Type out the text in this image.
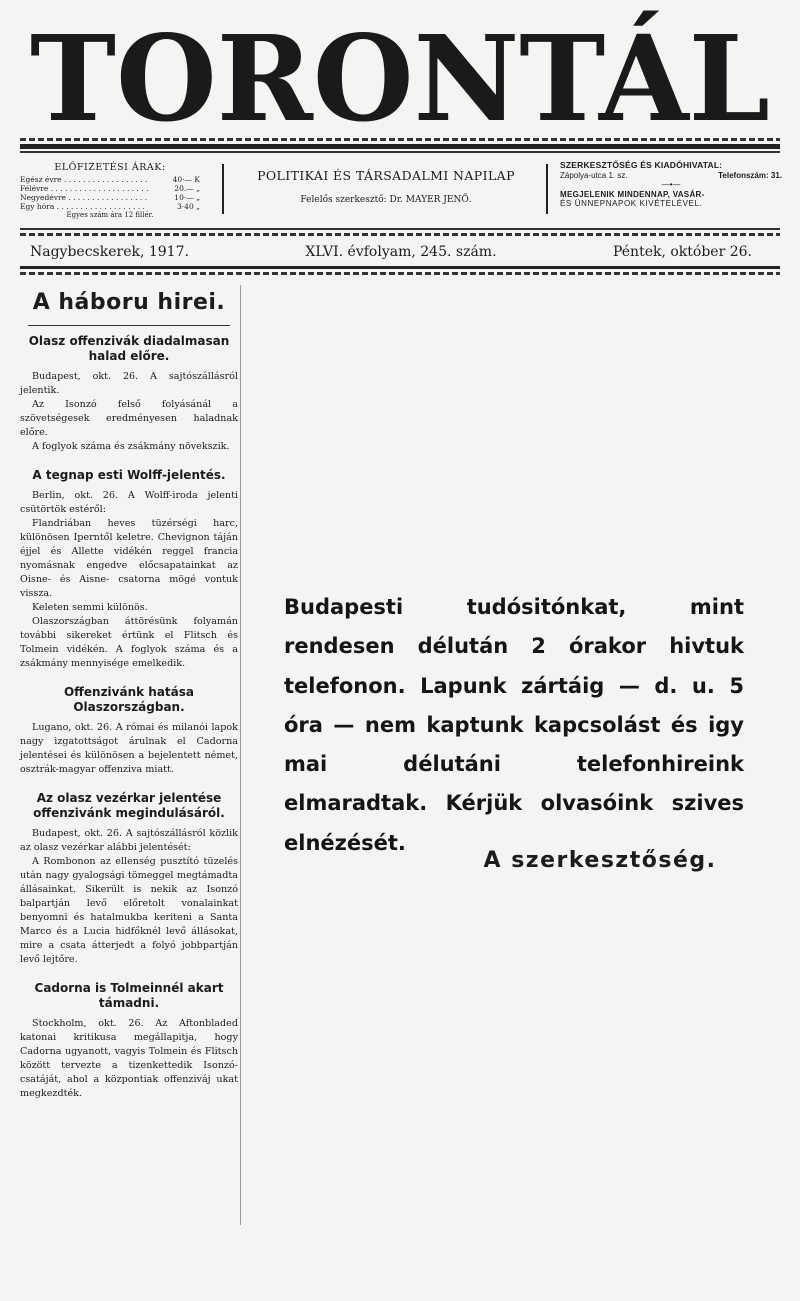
TORONTÁL
ELŐFIZETÉSI ÁRAK:
Egész évre . . .	40·— K
Félévre . . .	20.— „
Negyedévre . . .	10·— „
Egy hóra . . .	3·40 „
Egyes szám ára 12 fillér.
POLITIKAI ÉS TÁRSADALMI NAPILAP
Felelős szerkesztő: Dr. MAYER JENŐ.
SZERKESZTŐSÉG ÉS KIADÓHIVATAL:
Zápolya-utca 1. sz.	Telefonszám: 31.
—•—
MEGJELENIK MINDENNAP, VASÁR-
ÉS ÜNNEPNAPOK KIVÉTELÉVEL.
Nagybecskerek, 1917.	XLVI. évfolyam, 245. szám.	Péntek, október 26.
A háboru hirei.
Olasz offenzivák diadalmasan halad előre.

Budapest, okt. 26. A sajtószállásról jelentik.

Az Isonzó felső folyásánál a szövetségesek eredményesen haladnak előre.

A foglyok száma és zsákmány növekszik.

A tegnap esti Wolff-jelentés.

Berlin, okt. 26. A Wolff-iroda jelenti csütörtök estéről:

Flandriában heves tüzérségi harc, különösen Iperntől keletre. Chevignon táján éjjel és Allette vidékén reggel francia nyomásnak engedve előcsapatainkat az Oisne- és Aisne- csatorna mögé vontuk vissza.

Keleten semmi különös.

Olaszországban áttörésünk folyamán további sikereket értünk el Flitsch és Tolmein vidékén. A foglyok száma és a zsákmány mennyisége emelkedik.

Offenzivánk hatása Olaszországban.

Lugano, okt. 26. A római és milanói lapok nagy izgatottságot árulnak el Cadorna jelentései és különösen a bejelentett német, osztrák-magyar offenziva miatt.

Az olasz vezérkar jelentése offenzivánk megindulásáról.

Budapest, okt. 26. A sajtószállásról közlik az olasz vezérkar alábbi jelentését:

A Rombonon az ellenség pusztító tüzelés után nagy gyalogsági tömeggel megtámadta állásainkat. Sikerült is nekik az Isonzó balpartján levő előretolt vonalainkat benyomni és hatalmukba keriteni a Santa Marco és a Lucia hidfőknél levő állásokat, mire a csata átterjedt a folyó jobbpartján levő lejtőre.

Cadorna is Tolmeinnél akart támadni.

Stockholm, okt. 26. Az Aftonbladed katonai kritikusa megállapitja, hogy Cadorna ugyanott, vagyis Tolmein és Flitsch között tervezte a tizenkettedik Isonzó-csatáját, ahol a központiak offenziváj ukat megkezdték.

Budapesti tudósitónkat, mint rendesen délután 2 órakor hivtuk telefonon. Lapunk zártáig — d. u. 5 óra — nem kaptunk kapcsolást és igy mai délutáni telefonhireink elmaradtak. Kérjük olvasóink szives elnézését.
A szerkesztőség.
